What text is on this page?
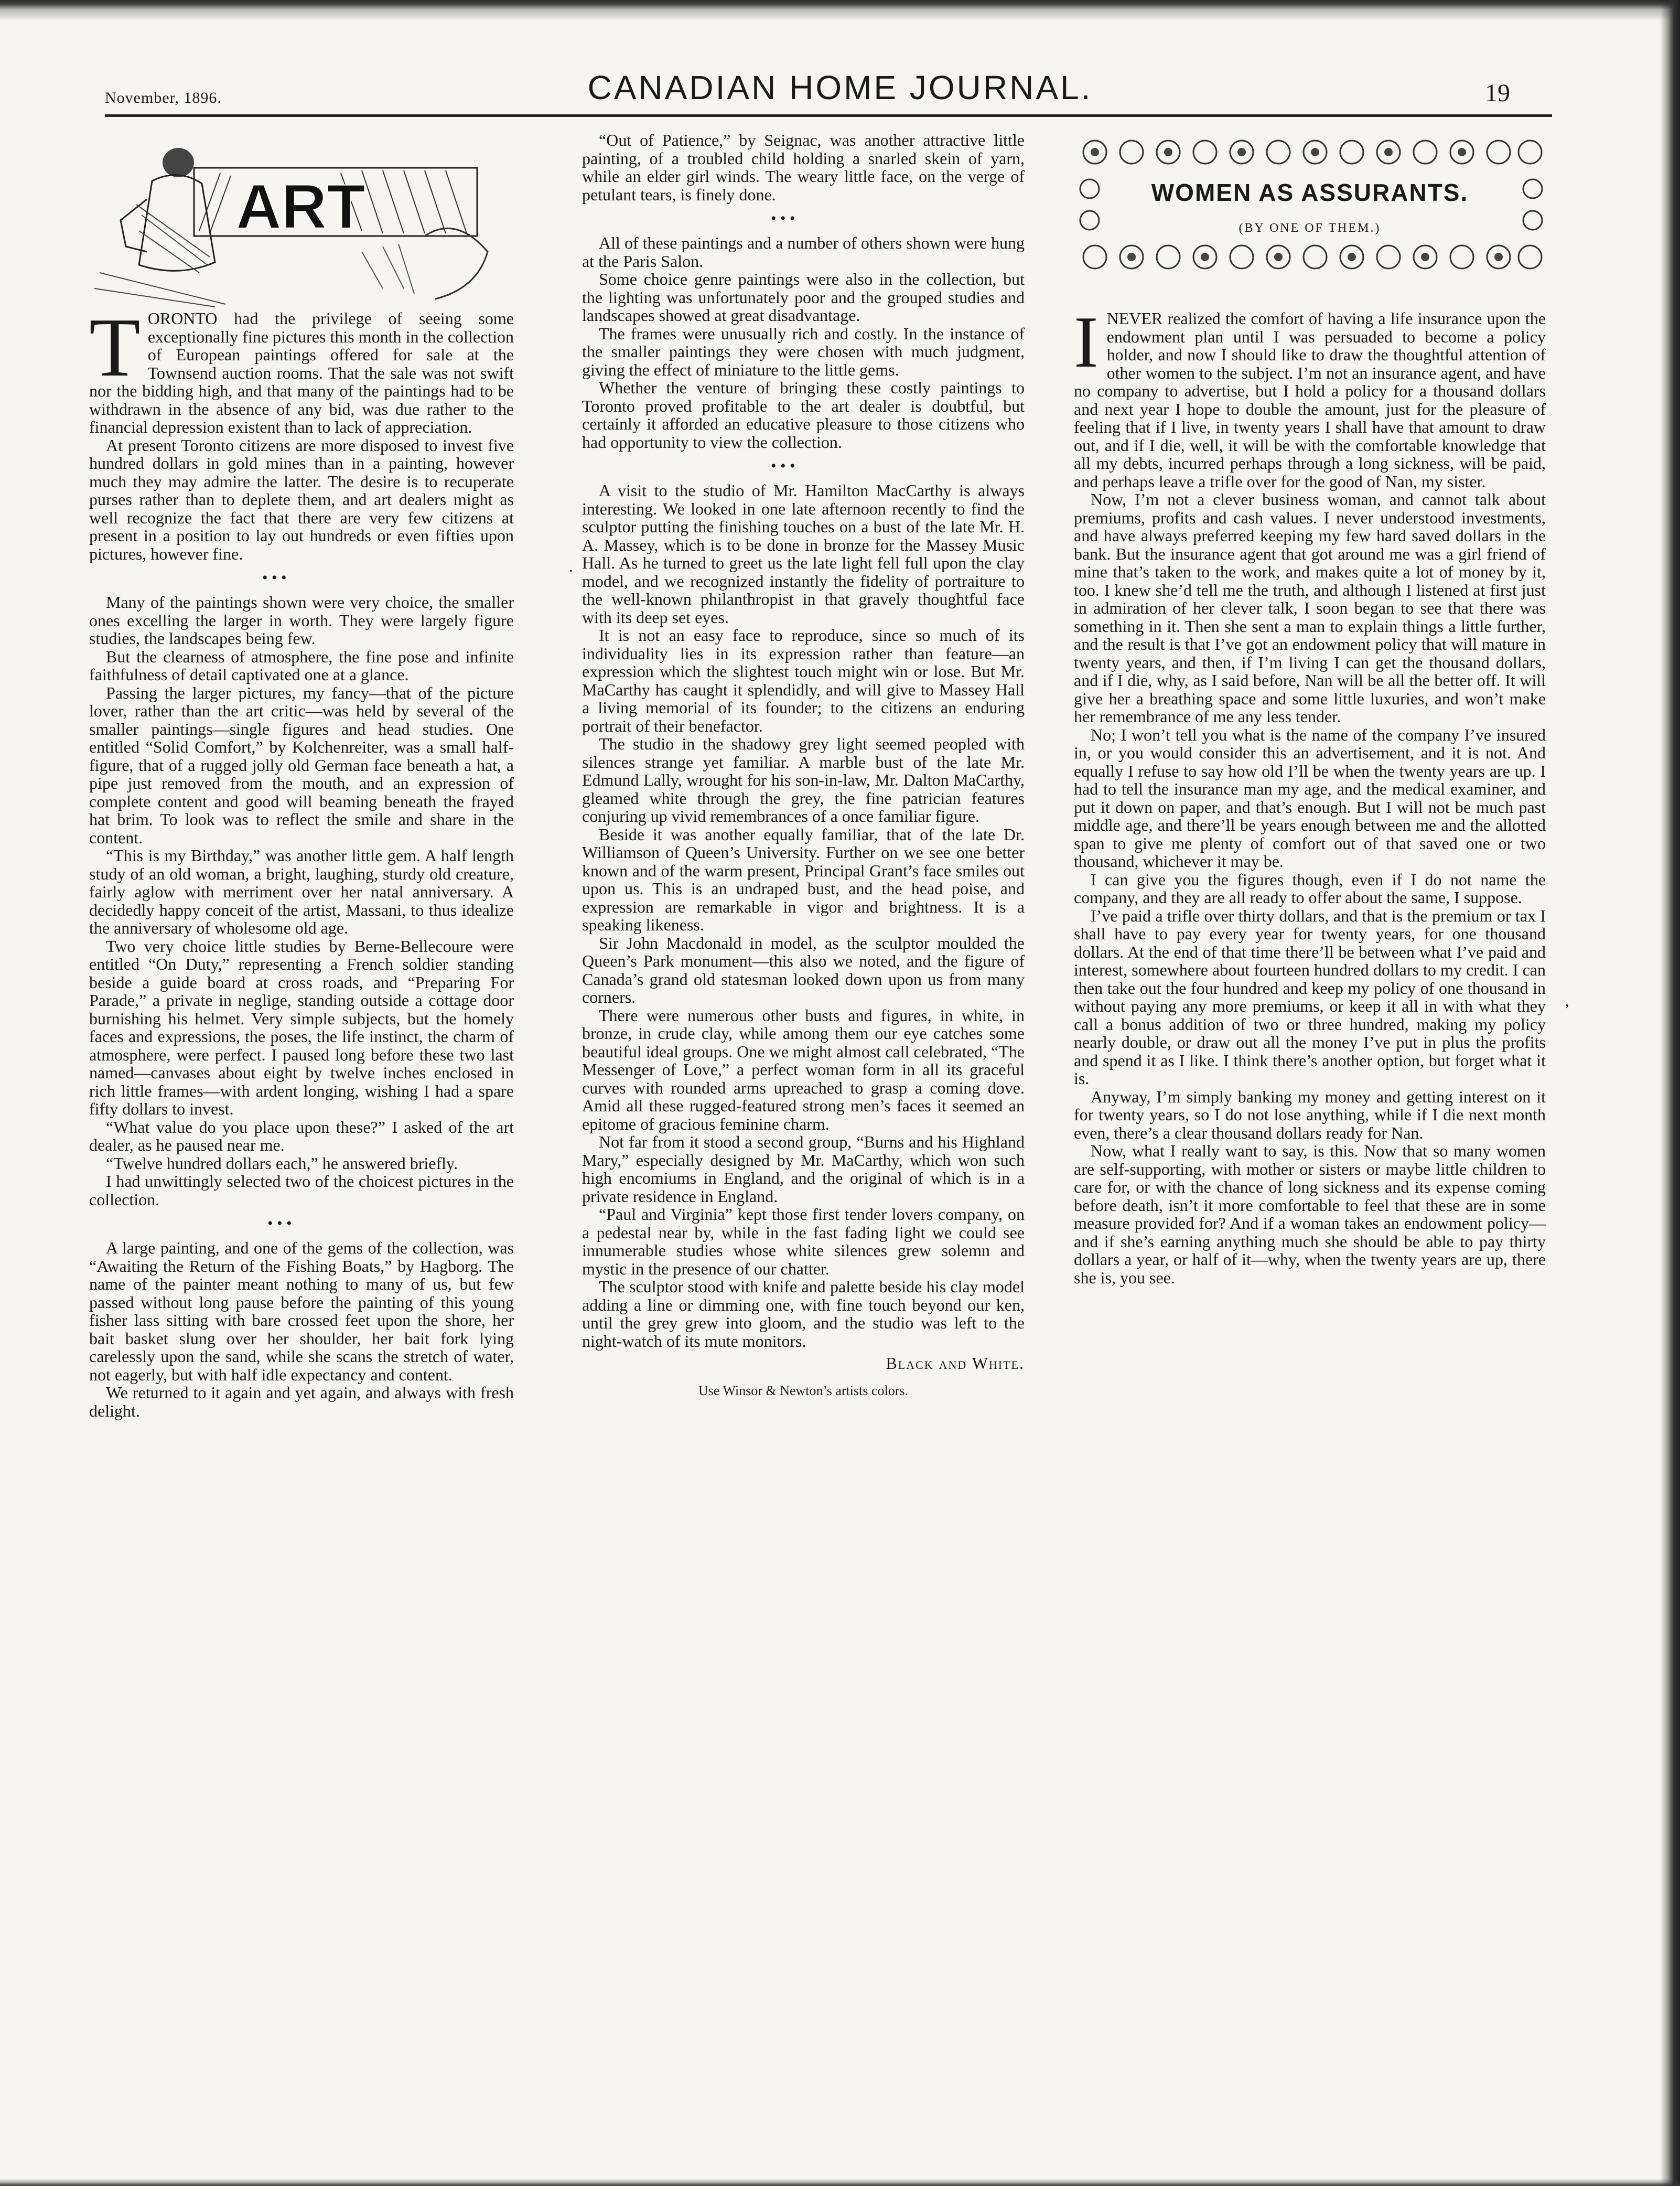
November, 1896.	CANADIAN HOME JOURNAL.	19
ART
T ORONTO had the privilege of seeing some exceptionally fine pictures this month in the collection of European paintings offered for sale at the Townsend auction rooms. That the sale was not swift nor the bidding high, and that many of the paintings had to be withdrawn in the absence of any bid, was due rather to the financial depression existent than to lack of appreciation.

At present Toronto citizens are more disposed to invest five hundred dollars in gold mines than in a painting, however much they may admire the latter. The desire is to recuperate purses rather than to deplete them, and art dealers might as well recognize the fact that there are very few citizens at present in a position to lay out hundreds or even fifties upon pictures, however fine.

• • •

Many of the paintings shown were very choice, the smaller ones excelling the larger in worth. They were largely figure studies, the landscapes being few.

But the clearness of atmosphere, the fine pose and infinite faithfulness of detail captivated one at a glance.

Passing the larger pictures, my fancy—that of the picture lover, rather than the art critic—was held by several of the smaller paintings—single figures and head studies. One entitled “Solid Comfort,” by Kolchenreiter, was a small half-figure, that of a rugged jolly old German face beneath a hat, a pipe just removed from the mouth, and an expression of complete content and good will beaming beneath the frayed hat brim. To look was to reflect the smile and share in the content.

“This is my Birthday,” was another little gem. A half length study of an old woman, a bright, laughing, sturdy old creature, fairly aglow with merriment over her natal anniversary. A decidedly happy conceit of the artist, Massani, to thus idealize the anniversary of wholesome old age.

Two very choice little studies by Berne-Bellecoure were entitled “On Duty,” representing a French soldier standing beside a guide board at cross roads, and “Preparing For Parade,” a private in neglige, standing outside a cottage door burnishing his helmet. Very simple subjects, but the homely faces and expressions, the poses, the life instinct, the charm of atmosphere, were perfect. I paused long before these two last named—canvases about eight by twelve inches enclosed in rich little frames—with ardent longing, wishing I had a spare fifty dollars to invest.

“What value do you place upon these?” I asked of the art dealer, as he paused near me.

“Twelve hundred dollars each,” he answered briefly.

I had unwittingly selected two of the choicest pictures in the collection.

• • •

A large painting, and one of the gems of the collection, was “Awaiting the Return of the Fishing Boats,” by Hagborg. The name of the painter meant nothing to many of us, but few passed without long pause before the painting of this young fisher lass sitting with bare crossed feet upon the shore, her bait basket slung over her shoulder, her bait fork lying carelessly upon the sand, while she scans the stretch of water, not eagerly, but with half idle expectancy and content.

We returned to it again and yet again, and always with fresh delight.

“Out of Patience,” by Seignac, was another attractive little painting, of a troubled child holding a snarled skein of yarn, while an elder girl winds. The weary little face, on the verge of petulant tears, is finely done.

• • •

All of these paintings and a number of others shown were hung at the Paris Salon.

Some choice genre paintings were also in the collection, but the lighting was unfortunately poor and the grouped studies and landscapes showed at great disadvantage.

The frames were unusually rich and costly. In the instance of the smaller paintings they were chosen with much judgment, giving the effect of miniature to the little gems.

Whether the venture of bringing these costly paintings to Toronto proved profitable to the art dealer is doubtful, but certainly it afforded an educative pleasure to those citizens who had opportunity to view the collection.

• • •

A visit to the studio of Mr. Hamilton MacCarthy is always interesting. We looked in one late afternoon recently to find the sculptor putting the finishing touches on a bust of the late Mr. H. A. Massey, which is to be done in bronze for the Massey Music Hall. As he turned to greet us the late light fell full upon the clay model, and we recognized instantly the fidelity of portraiture to the well-known philanthropist in that gravely thoughtful face with its deep set eyes.

It is not an easy face to reproduce, since so much of its individuality lies in its expression rather than feature—an expression which the slightest touch might win or lose. But Mr. MaCarthy has caught it splendidly, and will give to Massey Hall a living memorial of its founder; to the citizens an enduring portrait of their benefactor.

The studio in the shadowy grey light seemed peopled with silences strange yet familiar. A marble bust of the late Mr. Edmund Lally, wrought for his son-in-law, Mr. Dalton MaCarthy, gleamed white through the grey, the fine patrician features conjuring up vivid remembrances of a once familiar figure.

Beside it was another equally familiar, that of the late Dr. Williamson of Queen’s University. Further on we see one better known and of the warm present, Principal Grant’s face smiles out upon us. This is an undraped bust, and the head poise, and expression are remarkable in vigor and brightness. It is a speaking likeness.

Sir John Macdonald in model, as the sculptor moulded the Queen’s Park monument—this also we noted, and the figure of Canada’s grand old statesman looked down upon us from many corners.

There were numerous other busts and figures, in white, in bronze, in crude clay, while among them our eye catches some beautiful ideal groups. One we might almost call celebrated, “The Messenger of Love,” a perfect woman form in all its graceful curves with rounded arms upreached to grasp a coming dove. Amid all these rugged-featured strong men’s faces it seemed an epitome of gracious feminine charm.

Not far from it stood a second group, “Burns and his Highland Mary,” especially designed by Mr. MaCarthy, which won such high encomiums in England, and the original of which is in a private residence in England.

“Paul and Virginia” kept those first tender lovers company, on a pedestal near by, while in the fast fading light we could see innumerable studies whose white silences grew solemn and mystic in the presence of our chatter.

The sculptor stood with knife and palette beside his clay model adding a line or dimming one, with fine touch beyond our ken, until the grey grew into gloom, and the studio was left to the night-watch of its mute monitors.

Black and White.
Use Winsor & Newton’s artists colors.
WOMEN AS ASSURANTS.
(BY ONE OF THEM.)
I NEVER realized the comfort of having a life insurance upon the endowment plan until I was persuaded to become a policy holder, and now I should like to draw the thoughtful attention of other women to the subject. I’m not an insurance agent, and have no company to advertise, but I hold a policy for a thousand dollars and next year I hope to double the amount, just for the pleasure of feeling that if I live, in twenty years I shall have that amount to draw out, and if I die, well, it will be with the comfortable knowledge that all my debts, incurred perhaps through a long sickness, will be paid, and perhaps leave a trifle over for the good of Nan, my sister.

Now, I’m not a clever business woman, and cannot talk about premiums, profits and cash values. I never understood investments, and have always preferred keeping my few hard saved dollars in the bank. But the insurance agent that got around me was a girl friend of mine that’s taken to the work, and makes quite a lot of money by it, too. I knew she’d tell me the truth, and although I listened at first just in admiration of her clever talk, I soon began to see that there was something in it. Then she sent a man to explain things a little further, and the result is that I’ve got an endowment policy that will mature in twenty years, and then, if I’m living I can get the thousand dollars, and if I die, why, as I said before, Nan will be all the better off. It will give her a breathing space and some little luxuries, and won’t make her remembrance of me any less tender.

No; I won’t tell you what is the name of the company I’ve insured in, or you would consider this an advertisement, and it is not. And equally I refuse to say how old I’ll be when the twenty years are up. I had to tell the insurance man my age, and the medical examiner, and put it down on paper, and that’s enough. But I will not be much past middle age, and there’ll be years enough between me and the allotted span to give me plenty of comfort out of that saved one or two thousand, whichever it may be.

I can give you the figures though, even if I do not name the company, and they are all ready to offer about the same, I suppose.

I’ve paid a trifle over thirty dollars, and that is the premium or tax I shall have to pay every year for twenty years, for one thousand dollars. At the end of that time there’ll be between what I’ve paid and interest, somewhere about fourteen hundred dollars to my credit. I can then take out the four hundred and keep my policy of one thousand in without paying any more premiums, or keep it all in with what they call a bonus addition of two or three hundred, making my policy nearly double, or draw out all the money I’ve put in plus the profits and spend it as I like. I think there’s another option, but forget what it is.

Anyway, I’m simply banking my money and getting interest on it for twenty years, so I do not lose anything, while if I die next month even, there’s a clear thousand dollars ready for Nan.

Now, what I really want to say, is this. Now that so many women are self-supporting, with mother or sisters or maybe little children to care for, or with the chance of long sickness and its expense coming before death, isn’t it more comfortable to feel that these are in some measure provided for? And if a woman takes an endowment policy—and if she’s earning anything much she should be able to pay thirty dollars a year, or half of it—why, when the twenty years are up, there she is, you see.

·
,
